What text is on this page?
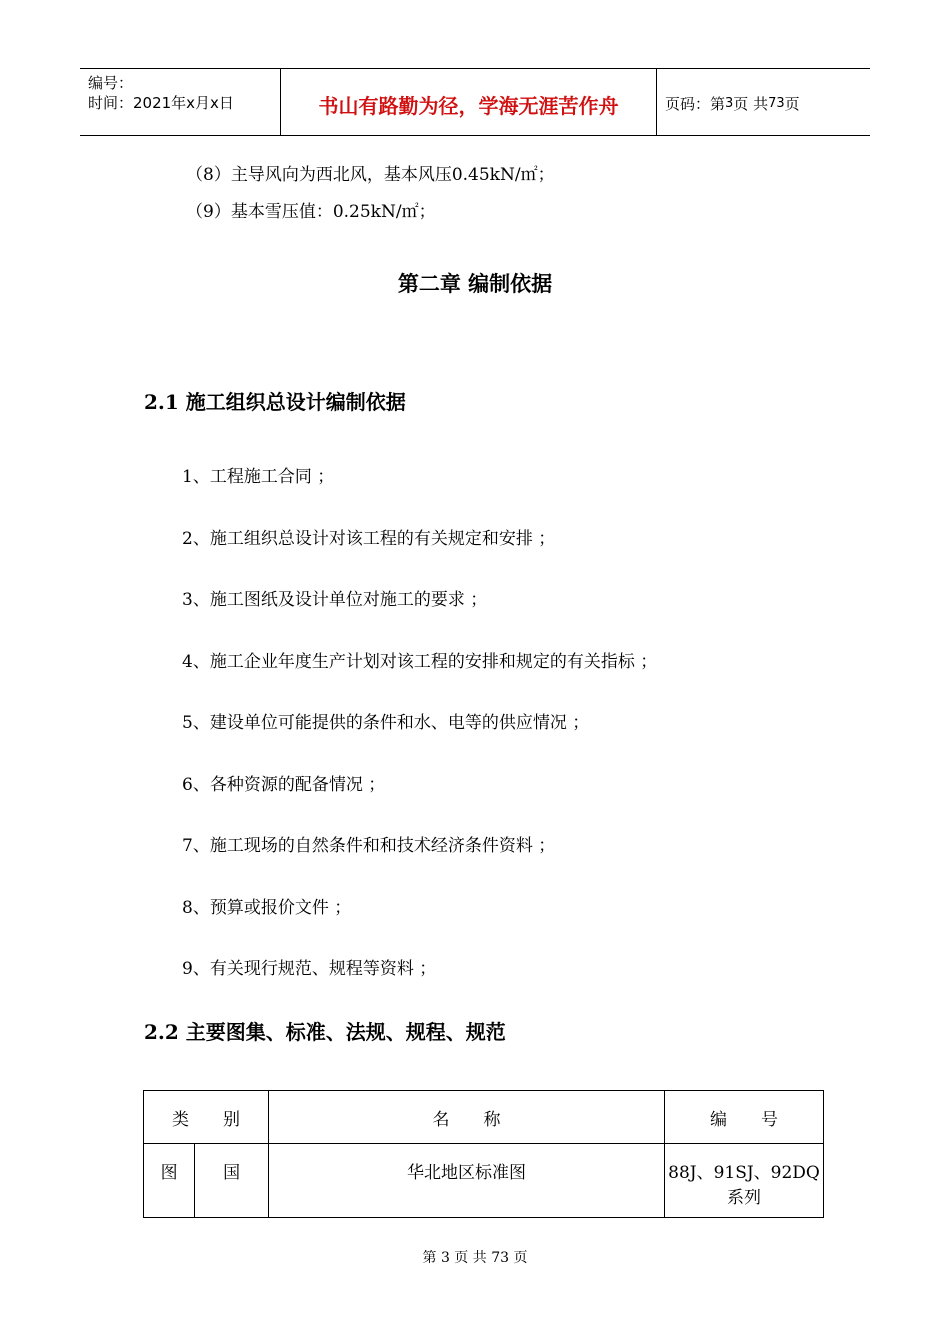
编号：
时间：2021年x月x日	书山有路勤为径，学海无涯苦作舟	页码：第 3 页 共 73 页
（8）主导风向为西北风，基本风压0.45kN/㎡；
（9）基本雪压值：0.25kN/㎡；
第二章 编制依据
2.1 施工组织总设计编制依据
1、工程施工合同 ；
2、施工组织总设计对该工程的有关规定和安排 ；
3、施工图纸及设计单位对施工的要求 ；
4、施工企业年度生产计划对该工程的安排和规定的有关指标 ；
5、建设单位可能提供的条件和水、电等的供应情况 ；
6、各种资源的配备情况 ；
7、施工现场的自然条件和和技术经济条件资料 ；
8、预算或报价文件 ；
9、有关现行规范、规程等资料 ；
2.2 主要图集、标准、法规、规程、规范
类　　别		名　　称	编　　号
图	国	华北地区标准图	88J、91SJ、92DQ
系列
第 3 页 共 73 页
